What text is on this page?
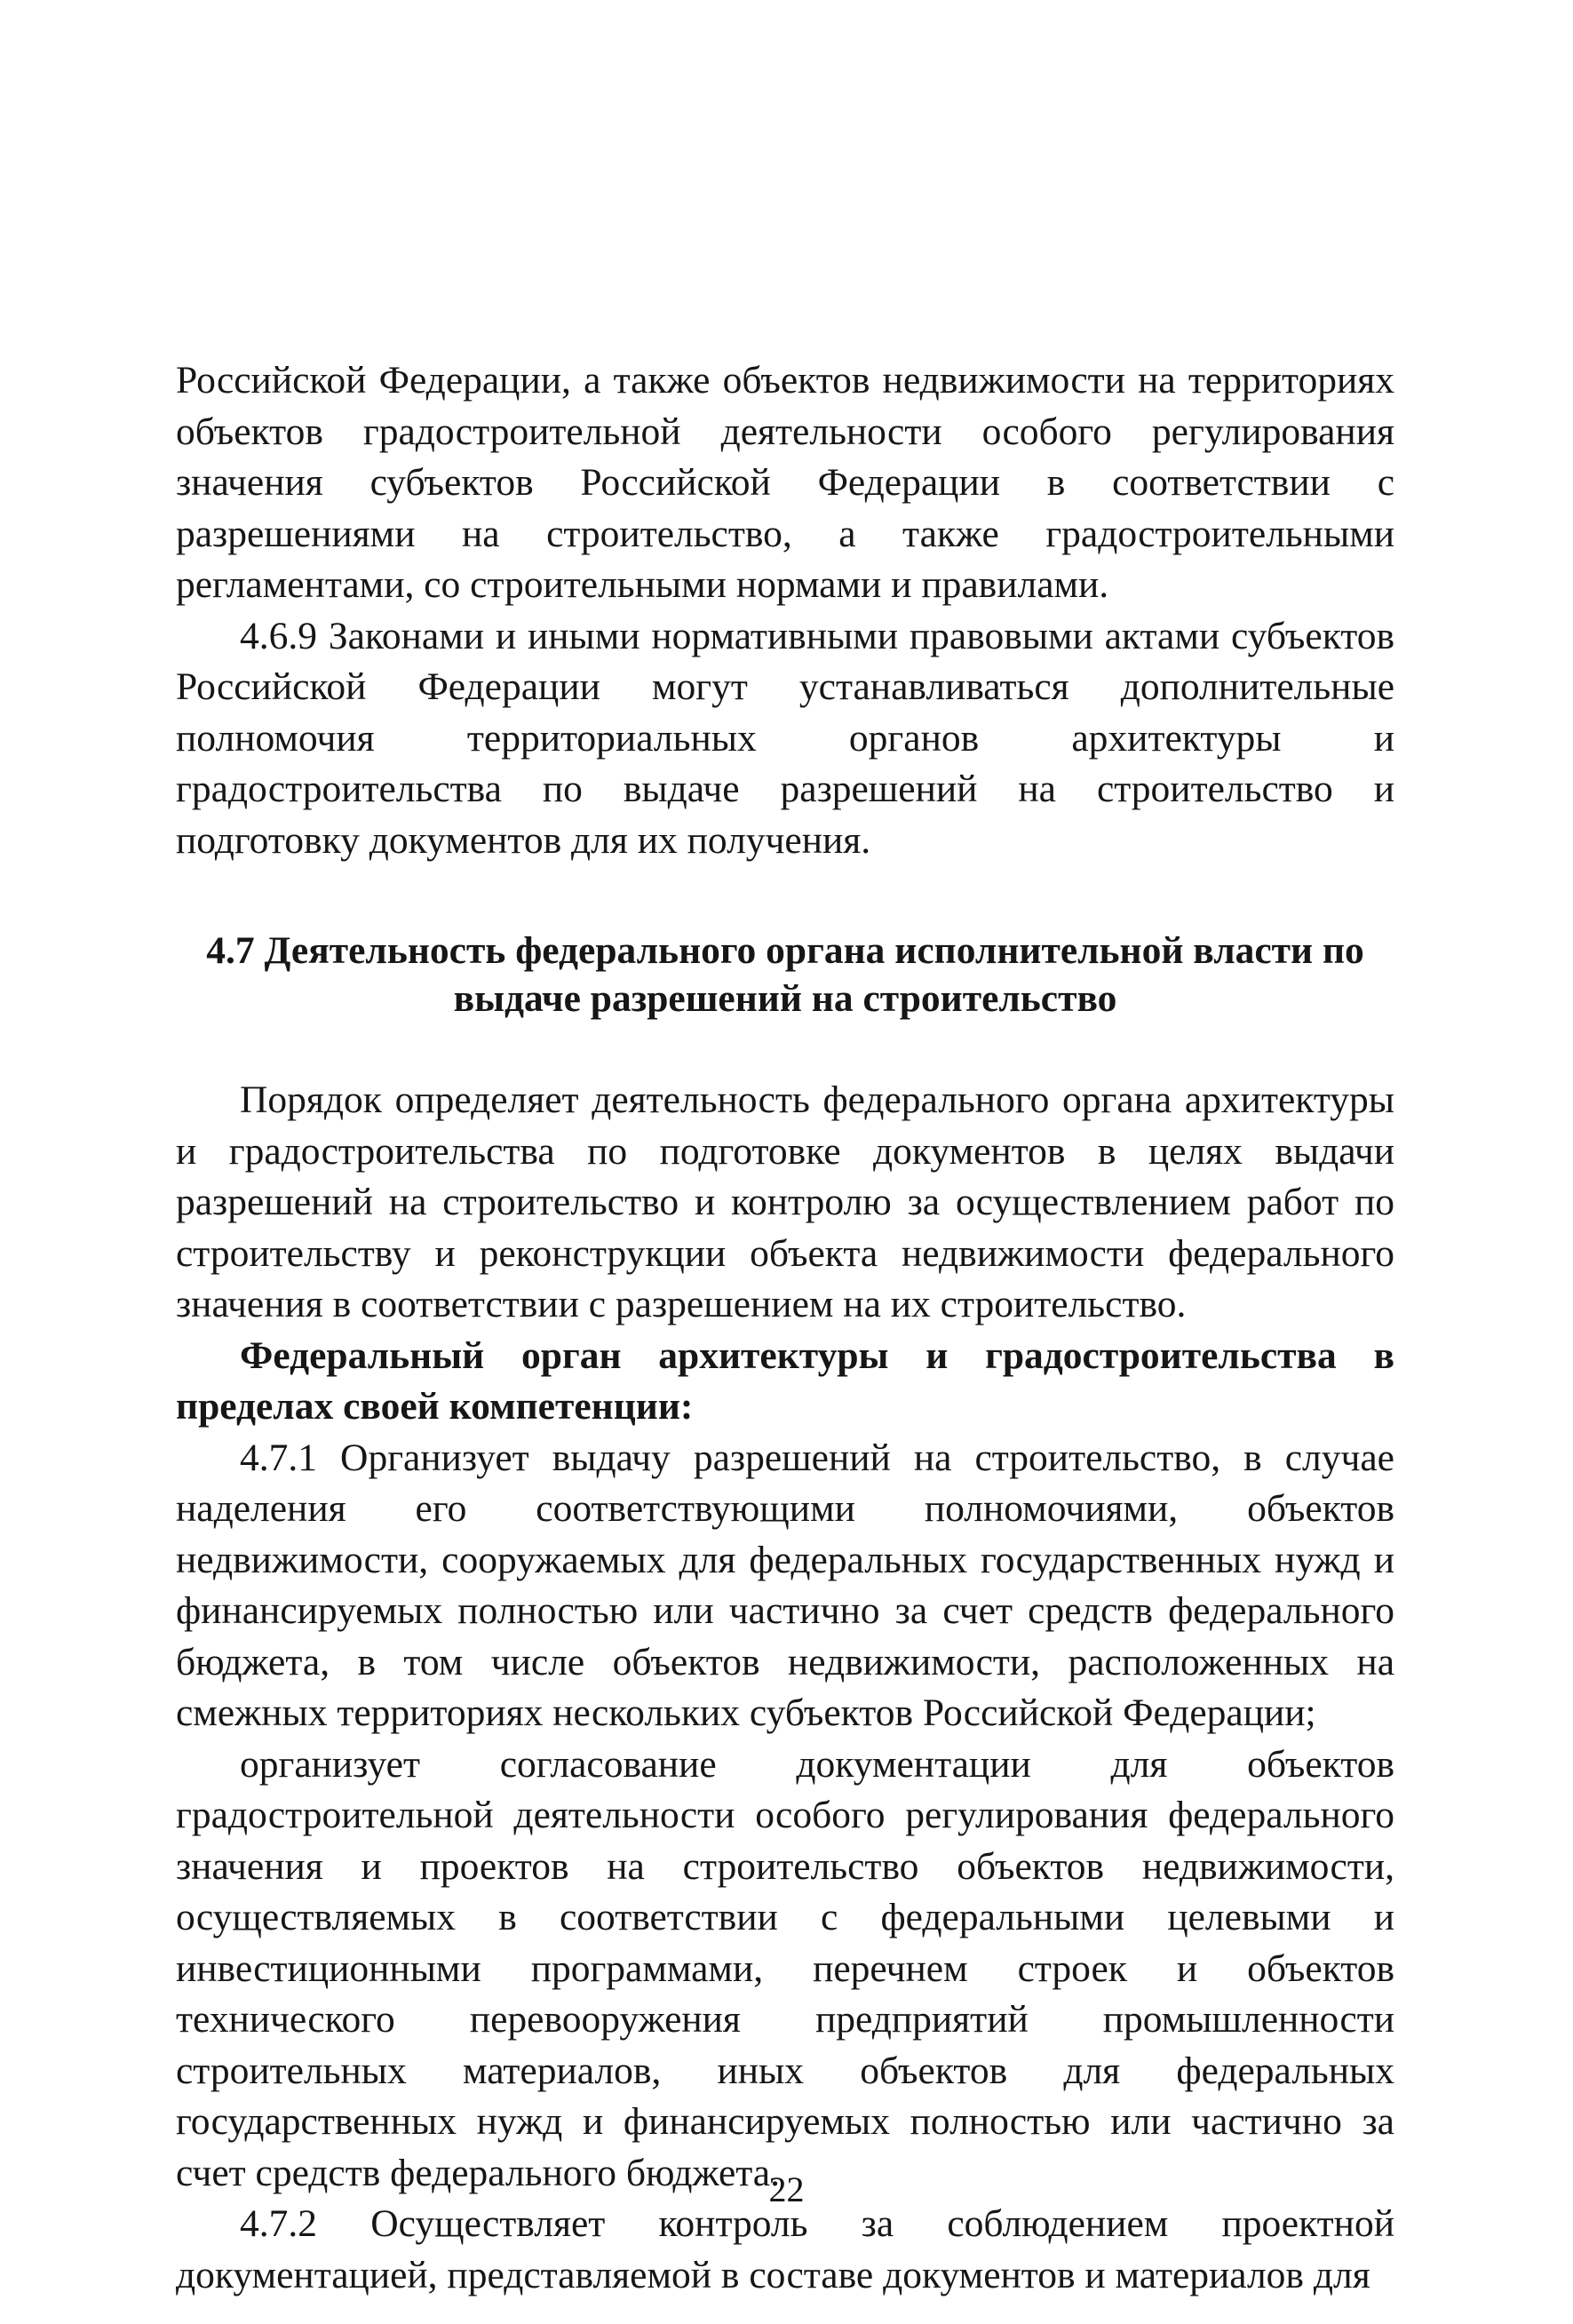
Российской Федерации, а также объектов недвижимости на территориях объектов градостроительной деятельности особого регулирования значения субъектов Российской Федерации в соответствии с разрешениями на строительство, а также градостроительными регламентами, со строительными нормами и правилами.

4.6.9 Законами и иными нормативными правовыми актами субъектов Российской Федерации могут устанавливаться дополнительные полномочия территориальных органов архитектуры и градостроительства по выдаче разрешений на строительство и подготовку документов для их получения.

4.7 Деятельность федерального органа исполнительной власти по
выдаче разрешений на строительство

Порядок определяет деятельность федерального органа архитектуры и градостроительства по подготовке документов в целях выдачи разрешений на строительство и контролю за осуществлением работ по строительству и реконструкции объекта недвижимости федерального значения в соответствии с разрешением на их строительство.

Федеральный орган архитектуры и градостроительства в пределах своей компетенции:

4.7.1 Организует выдачу разрешений на строительство, в случае наделения его соответствующими полномочиями, объектов недвижимости, сооружаемых для федеральных государственных нужд и финансируемых полностью или частично за счет средств федерального бюджета, в том числе объектов недвижимости, расположенных на смежных территориях нескольких субъектов Российской Федерации;

организует согласование документации для объектов градостроительной деятельности особого регулирования федерального значения и проектов на строительство объектов недвижимости, осуществляемых в соответствии с федеральными целевыми и инвестиционными программами, перечнем строек и объектов технического перевооружения предприятий промышленности строительных материалов, иных объектов для федеральных государственных нужд и финансируемых полностью или частично за счет средств федерального бюджета.

4.7.2 Осуществляет контроль за соблюдением проектной документацией, представляемой в составе документов и материалов для

22
